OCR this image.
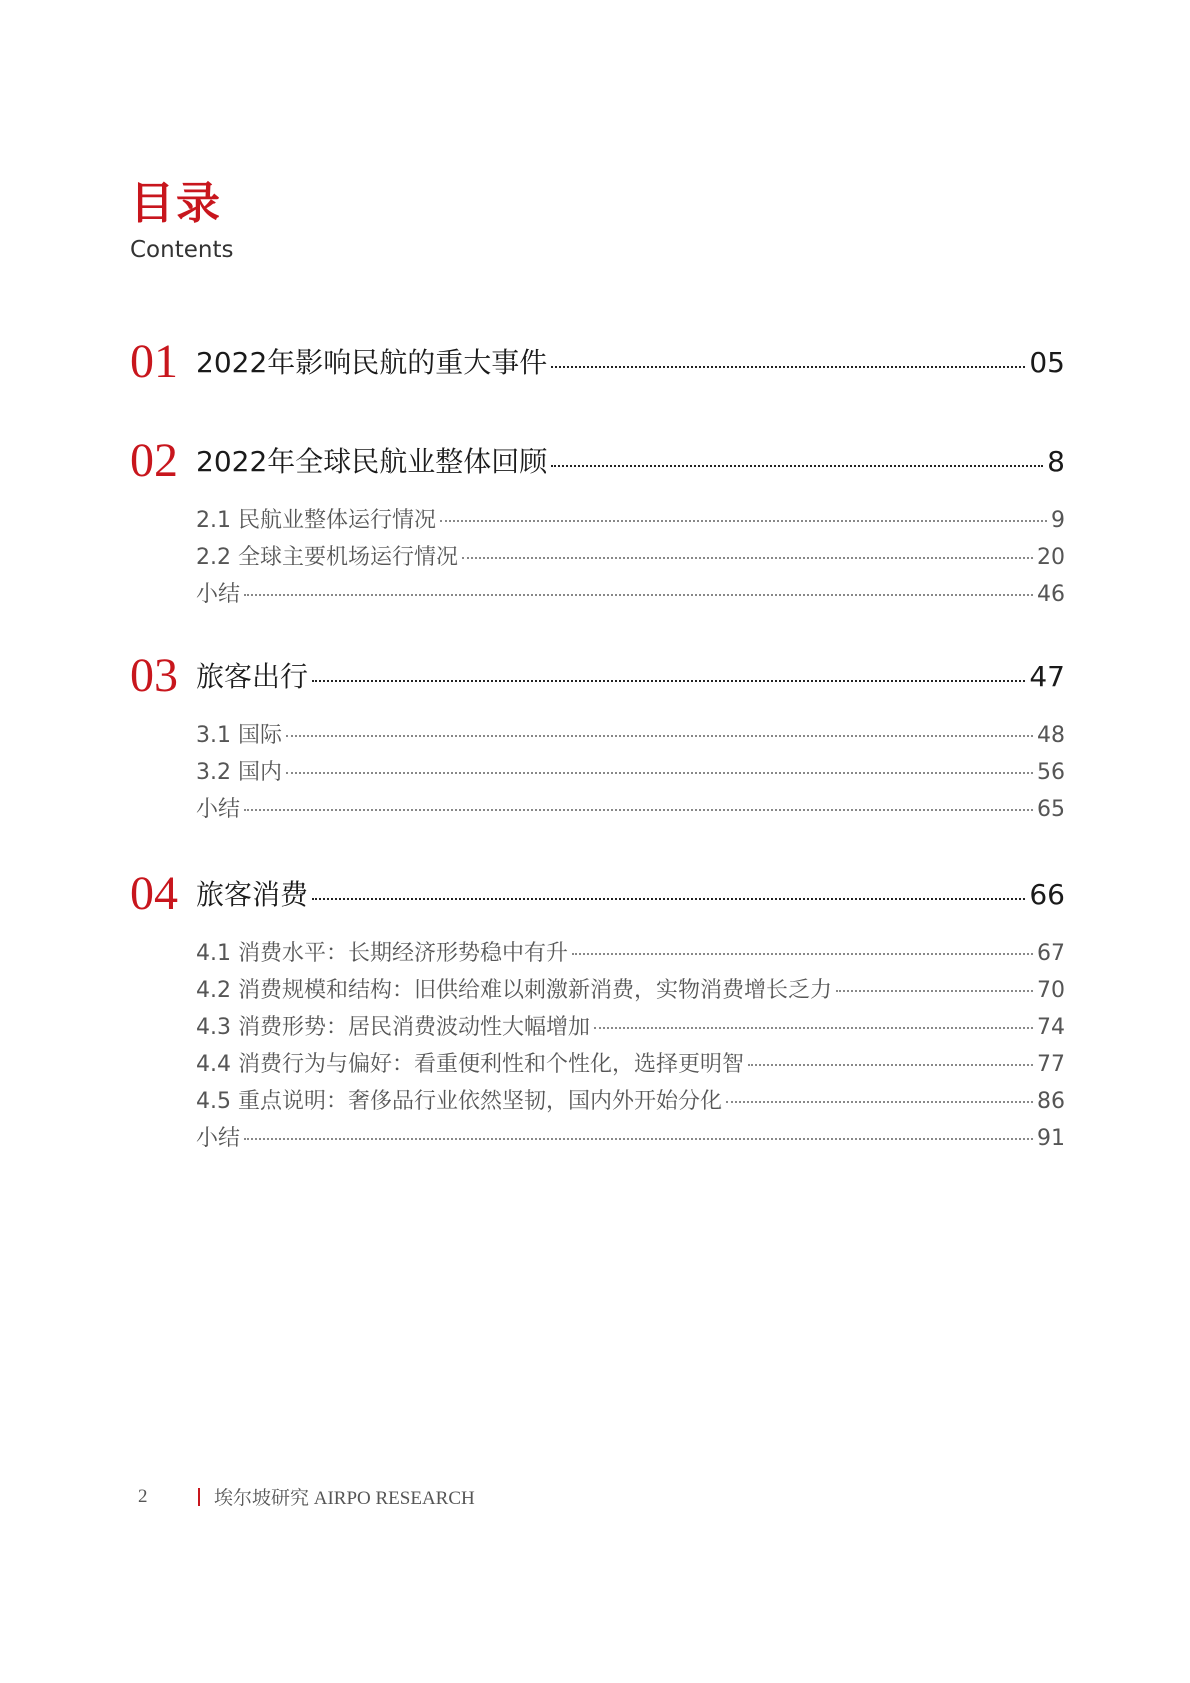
目录
Contents
01 2022年影响民航的重大事件	05
02 2022年全球民航业整体回顾	8
2.1 民航业整体运行情况	9
2.2 全球主要机场运行情况	20
小结	46
03 旅客出行	47
3.1 国际	48
3.2 国内	56
小结	65
04 旅客消费	66
4.1 消费水平：长期经济形势稳中有升	67
4.2 消费规模和结构：旧供给难以刺激新消费，实物消费增长乏力	70
4.3 消费形势：居民消费波动性大幅增加	74
4.4 消费行为与偏好：看重便利性和个性化，选择更明智	77
4.5 重点说明：奢侈品行业依然坚韧，国内外开始分化	86
小结	91
2	埃尔坡研究 AIRPO RESEARCH
